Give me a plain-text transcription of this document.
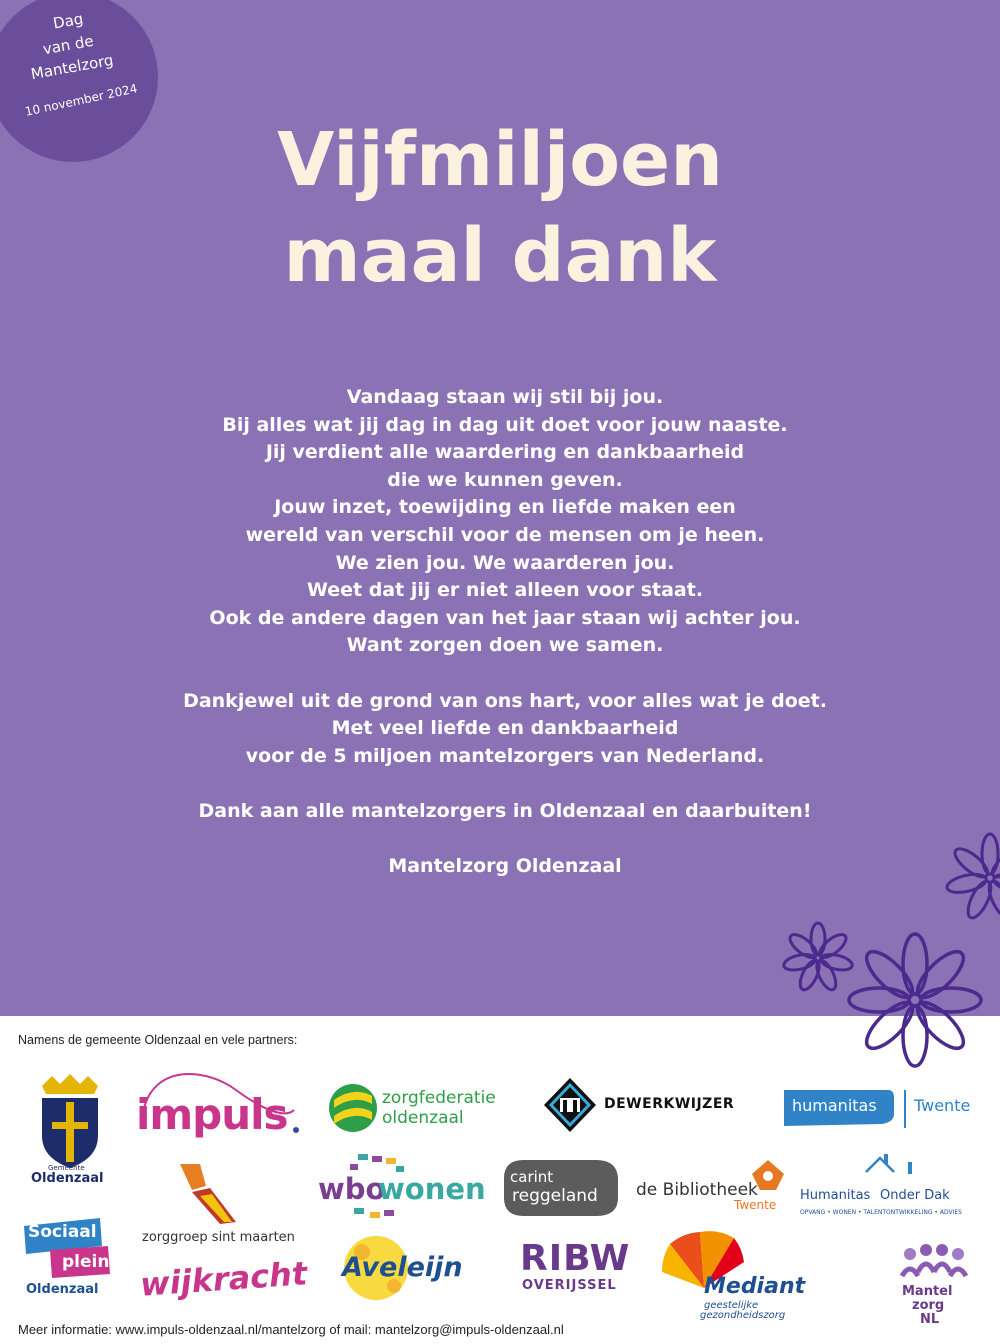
Dag
van de
Mantelzorg
10 november 2024
Vijfmiljoen
maal dank
Vandaag staan wij stil bij jou.
Bij alles wat jij dag in dag uit doet voor jouw naaste.
Jij verdient alle waardering en dankbaarheid
die we kunnen geven.
Jouw inzet, toewijding en liefde maken een
wereld van verschil voor de mensen om je heen.
We zien jou. We waarderen jou.
Weet dat jij er niet alleen voor staat.
Ook de andere dagen van het jaar staan wij achter jou.
Want zorgen doen we samen.
Dankjewel uit de grond van ons hart, voor alles wat je doet.
Met veel liefde en dankbaarheid
voor de 5 miljoen mantelzorgers van Nederland.
Dank aan alle mantelzorgers in Oldenzaal en daarbuiten!
Mantelzorg Oldenzaal
Namens de gemeente Oldenzaal en vele partners:
Gemeente
Oldenzaal
impuls	zorgfederatie
oldenzaal
DEWERKWIJZER	humanitas Twente
zorggroep sint maarten
wbo
wonen carint
reggeland de Bibliotheek
Twente
Humanitas Onder Dak
OPVANG • WONEN • TALENTONTWIKKELING • ADVIES
Sociaal
plein
Oldenzaal wijkracht Aveleijn RIBW
OVERIJSSEL	Mediant
geestelijke
gezondheidszorg
Mantel
zorg
NL
Meer informatie: www.impuls-oldenzaal.nl/mantelzorg of mail: mantelzorg@impuls-oldenzaal.nl
